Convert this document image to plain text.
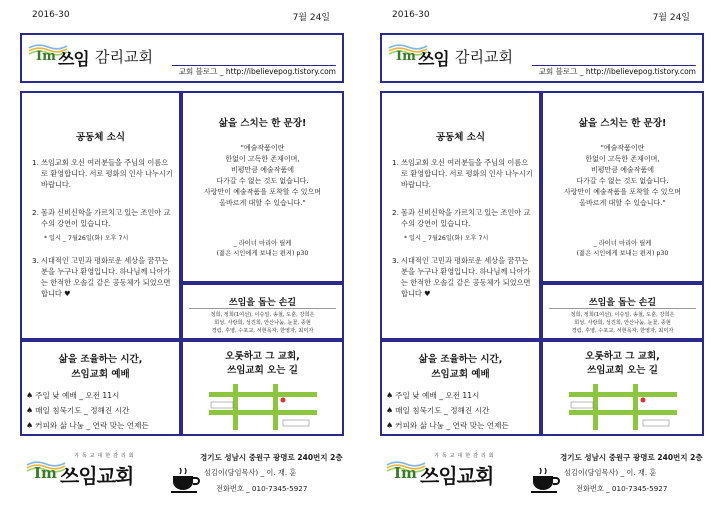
2016-30	7월 24일
Im 쓰임 감리교회
교회 블로그 _ http://ibelievepog.tistory.com
공동체 소식
1. 쓰임교회 오신 여러분들을 주님의 이름으로 환영합니다. 서로 평화의 인사 나누시기 바랍니다.
2. 몸과 신비신학을 가르치고 있는 조인아 교수의 강연이 있습니다.
* 일시 _ 7월26일(화) 오후 7시
3. 시대적인 고민과 평화로운 세상을 꿈꾸는 분을 누구나 환영입니다. 하나님께 나아가는 한적한 오솔길 같은 공동체가 되었으면 합니다 ♥
삶을 스치는 한 문장!
"예술작품이란
한없이 고독한 존재이며,
비평만큼 예술작품에
다가갈 수 없는 것도 없습니다.
사랑만이 예술작품을 포착할 수 있으며
올바르게 대할 수 있습니다."
_ 라이너 마리아 릴케
(젊은 시인에게 보내는 편지) p30
쓰임을 돕는 손길
정희, 정희(1여선), 이승일, 송철, 도훈, 강희은
희성, 사랑희, 성진희, 안산나눔, 눈꽃, 종현
경림, 후영, 수포교, 서현목자, 한영자, 최미자
삶을 조율하는 시간,
쓰임교회 예배
♠ 주일 낮 예배 _ 오전 11시
♠ 매일 침묵기도 _ 정해진 시간
♠ 커피와 삶 나눔 _ 연락 맞는 언제든
오롯하고 그 교회,
쓰임교회 오는 길
기독교대한감리회
Im 쓰임교회
경기도 성남시 중원구 광명로 240번지 2층
섬김이(담임목사) _ 이. 재. 훈
전화번호 _ 010-7345-5927
2016-30	7월 24일
Im 쓰임 감리교회
교회 블로그 _ http://ibelievepog.tistory.com
공동체 소식
1. 쓰임교회 오신 여러분들을 주님의 이름으로 환영합니다. 서로 평화의 인사 나누시기 바랍니다.
2. 몸과 신비신학을 가르치고 있는 조인아 교수의 강연이 있습니다.
* 일시 _ 7월26일(화) 오후 7시
3. 시대적인 고민과 평화로운 세상을 꿈꾸는 분을 누구나 환영입니다. 하나님께 나아가는 한적한 오솔길 같은 공동체가 되었으면 합니다 ♥
삶을 스치는 한 문장!
"예술작품이란
한없이 고독한 존재이며,
비평만큼 예술작품에
다가갈 수 없는 것도 없습니다.
사랑만이 예술작품을 포착할 수 있으며
올바르게 대할 수 있습니다."
_ 라이너 마리아 릴케
(젊은 시인에게 보내는 편지) p30
쓰임을 돕는 손길
정희, 정희(1여선), 이승일, 송철, 도훈, 강희은
희성, 사랑희, 성진희, 안산나눔, 눈꽃, 종현
경림, 후영, 수포교, 서현목자, 한영자, 최미자
삶을 조율하는 시간,
쓰임교회 예배
♠ 주일 낮 예배 _ 오전 11시
♠ 매일 침묵기도 _ 정해진 시간
♠ 커피와 삶 나눔 _ 연락 맞는 언제든
오롯하고 그 교회,
쓰임교회 오는 길
기독교대한감리회
Im 쓰임교회
경기도 성남시 중원구 광명로 240번지 2층
섬김이(담임목사) _ 이. 재. 훈
전화번호 _ 010-7345-5927
